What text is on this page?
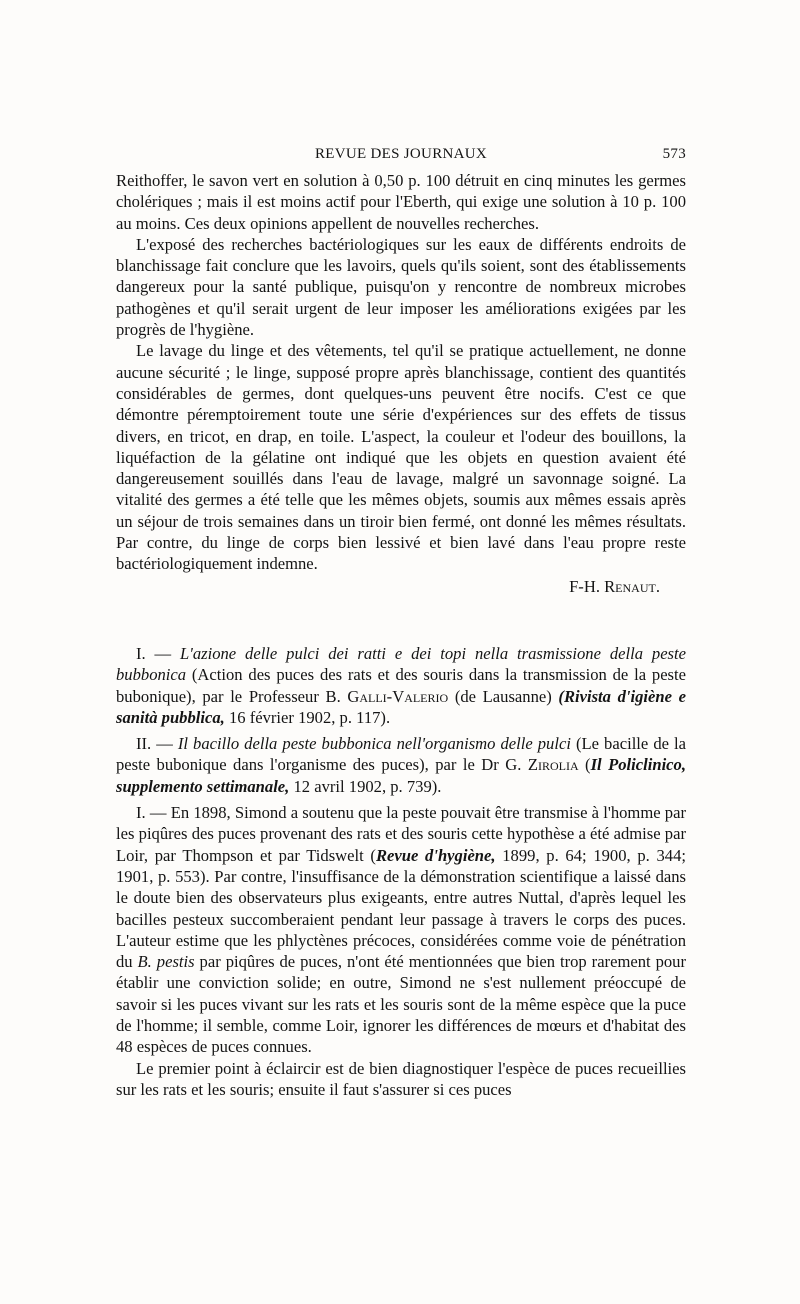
REVUE DES JOURNAUX	573

Reithoffer, le savon vert en solution à 0,50 p. 100 détruit en cinq minutes les germes cholériques ; mais il est moins actif pour l'Eberth, qui exige une solution à 10 p. 100 au moins. Ces deux opinions appellent de nouvelles recherches.

L'exposé des recherches bactériologiques sur les eaux de différents endroits de blanchissage fait conclure que les lavoirs, quels qu'ils soient, sont des établissements dangereux pour la santé publique, puisqu'on y rencontre de nombreux microbes pathogènes et qu'il serait urgent de leur imposer les améliorations exigées par les progrès de l'hygiène.

Le lavage du linge et des vêtements, tel qu'il se pratique actuellement, ne donne aucune sécurité ; le linge, supposé propre après blanchissage, contient des quantités considérables de germes, dont quelques-uns peuvent être nocifs. C'est ce que démontre péremptoirement toute une série d'expériences sur des effets de tissus divers, en tricot, en drap, en toile. L'aspect, la couleur et l'odeur des bouillons, la liquéfaction de la gélatine ont indiqué que les objets en question avaient été dangereusement souillés dans l'eau de lavage, malgré un savonnage soigné. La vitalité des germes a été telle que les mêmes objets, soumis aux mêmes essais après un séjour de trois semaines dans un tiroir bien fermé, ont donné les mêmes résultats. Par contre, du linge de corps bien lessivé et bien lavé dans l'eau propre reste bactériologiquement indemne.

F-H. Renaut.

I. — L'azione delle pulci dei ratti e dei topi nella trasmissione della peste bubbonica (Action des puces des rats et des souris dans la transmission de la peste bubonique), par le Professeur B. Galli-Valerio (de Lausanne) (Rivista d'igiène e sanità pubblica, 16 février 1902, p. 117).

II. — Il bacillo della peste bubbonica nell'organismo delle pulci (Le bacille de la peste bubonique dans l'organisme des puces), par le Dr G. Zirolia (Il Policlinico, supplemento settimanale, 12 avril 1902, p. 739).

I. — En 1898, Simond a soutenu que la peste pouvait être transmise à l'homme par les piqûres des puces provenant des rats et des souris cette hypothèse a été admise par Loir, par Thompson et par Tidswelt (Revue d'hygiène, 1899, p. 64; 1900, p. 344; 1901, p. 553). Par contre, l'insuffisance de la démonstration scientifique a laissé dans le doute bien des observateurs plus exigeants, entre autres Nuttal, d'après lequel les bacilles pesteux succomberaient pendant leur passage à travers le corps des puces. L'auteur estime que les phlyctènes précoces, considérées comme voie de pénétration du B. pestis par piqûres de puces, n'ont été mentionnées que bien trop rarement pour établir une conviction solide; en outre, Simond ne s'est nullement préoccupé de savoir si les puces vivant sur les rats et les souris sont de la même espèce que la puce de l'homme; il semble, comme Loir, ignorer les différences de mœurs et d'habitat des 48 espèces de puces connues.

Le premier point à éclaircir est de bien diagnostiquer l'espèce de puces recueillies sur les rats et les souris; ensuite il faut s'assurer si ces puces
